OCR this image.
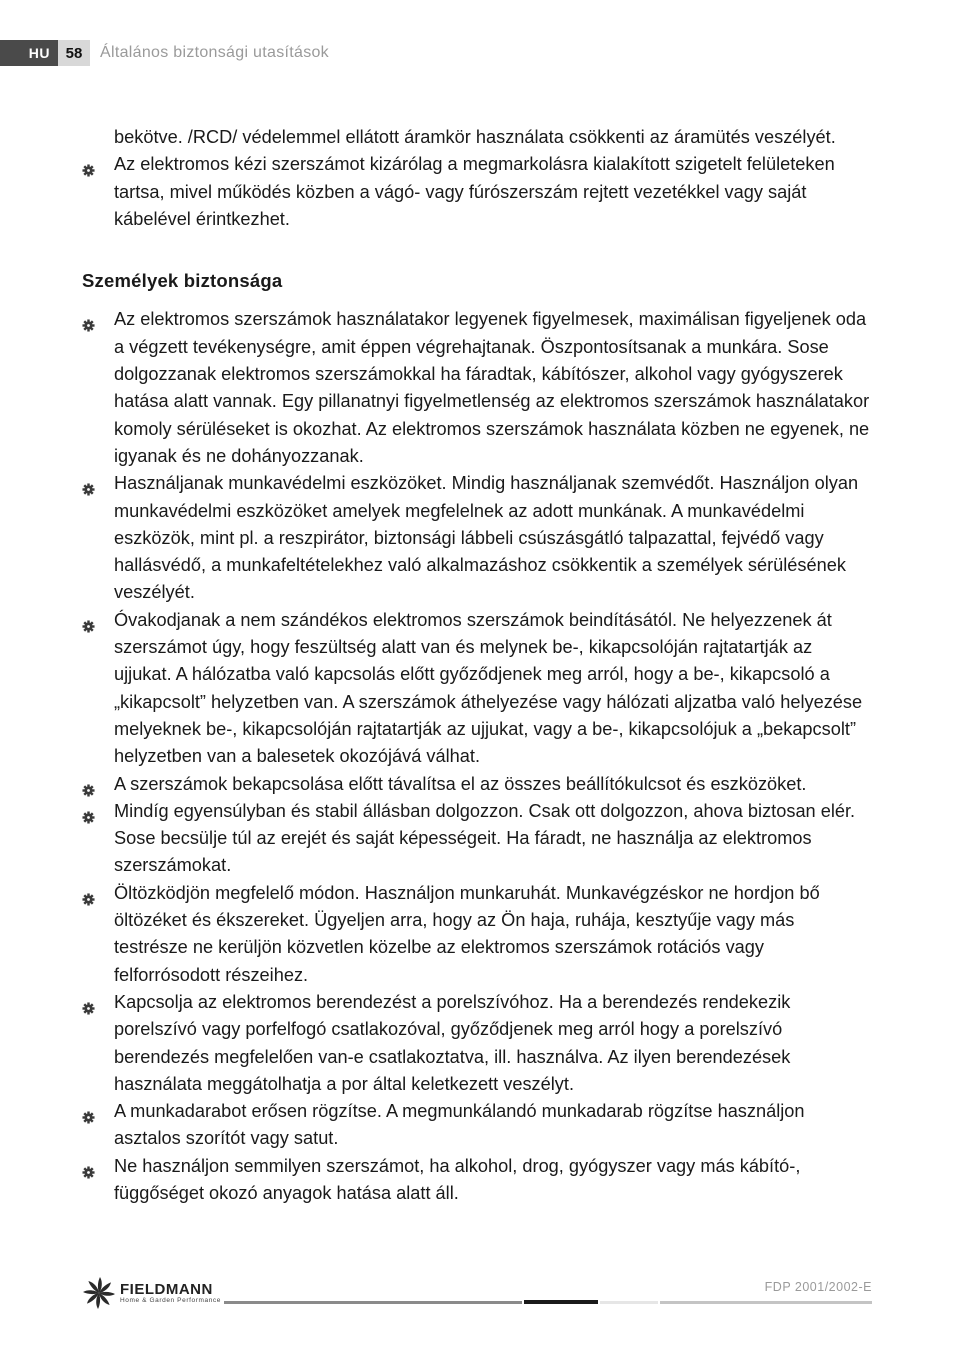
HU	58	Általános biztonsági utasítások

bekötve. /RCD/ védelemmel ellátott áramkör használata csökkenti az áramütés veszélyét.

Az elektromos kézi szerszámot kizárólag a megmarkolásra kialakított szigetelt felületeken tartsa, mivel működés közben a vágó- vagy fúrószerszám rejtett vezetékkel vagy saját kábelével érintkezhet.
Személyek biztonsága
Az elektromos szerszámok használatakor legyenek figyelmesek, maximálisan figyeljenek oda a végzett tevékenységre, amit éppen végrehajtanak. Öszpontosítsanak a munkára. Sose dolgozzanak elektromos szerszámokkal ha fáradtak, kábítószer, alkohol vagy gyógyszerek hatása alatt vannak. Egy pillanatnyi figyelmetlenség az elektromos szerszámok használatakor komoly sérüléseket is okozhat. Az elektromos szerszámok használata közben ne egyenek, ne igyanak és ne dohányozzanak.
Használjanak munkavédelmi eszközöket. Mindig használjanak szemvédőt. Használjon olyan munkavédelmi eszközöket amelyek megfelelnek az adott munkának. A munkavédelmi eszközök, mint pl. a reszpirátor, biztonsági lábbeli csúszásgátló talpazattal, fejvédő vagy hallásvédő, a munkafeltételekhez való alkalmazáshoz csökkentik a személyek sérülésének veszélyét.
Óvakodjanak a nem szándékos elektromos szerszámok beindításától. Ne helyezzenek át szerszámot úgy, hogy feszültség alatt van és melynek be-, kikapcsolóján rajtatartják az ujjukat. A hálózatba való kapcsolás előtt győződjenek meg arról, hogy a be-, kikapcsoló a „kikapcsolt” helyzetben van. A szerszámok áthelyezése vagy hálózati aljzatba való helyezése melyeknek be-, kikapcsolóján rajtatartják az ujjukat, vagy a be-, kikapcsolójuk a „bekapcsolt” helyzetben van a balesetek okozójává válhat.
A szerszámok bekapcsolása előtt távalítsa el az összes beállítókulcsot és eszközöket.
Mindíg egyensúlyban és stabil állásban dolgozzon. Csak ott dolgozzon, ahova biztosan elér. Sose becsülje túl az erejét és saját képességeit. Ha fáradt, ne használja az elektromos szerszámokat.
Öltözködjön megfelelő módon. Használjon munkaruhát. Munkavégzéskor ne hordjon bő öltözéket és ékszereket. Ügyeljen arra, hogy az Ön haja, ruhája, kesztyűje vagy más testrésze ne kerüljön közvetlen közelbe az elektromos szerszámok rotációs vagy felforrósodott részeihez.
Kapcsolja az elektromos berendezést a porelszívóhoz. Ha a berendezés rendekezik porelszívó vagy porfelfogó csatlakozóval, győződjenek meg arról hogy a porelszívó berendezés megfelelően van-e csatlakoztatva, ill. használva. Az ilyen berendezések használata meggátolhatja a por által keletkezett veszélyt.
A munkadarabot erősen rögzítse. A megmunkálandó munkadarab rögzítse használjon asztalos szorítót vagy satut.
Ne használjon semmilyen szerszámot, ha alkohol, drog, gyógyszer vagy más kábító-, függőséget okozó anyagok hatása alatt áll.
FIELDMANN
Home & Garden Performance
FDP 2001/2002-E
